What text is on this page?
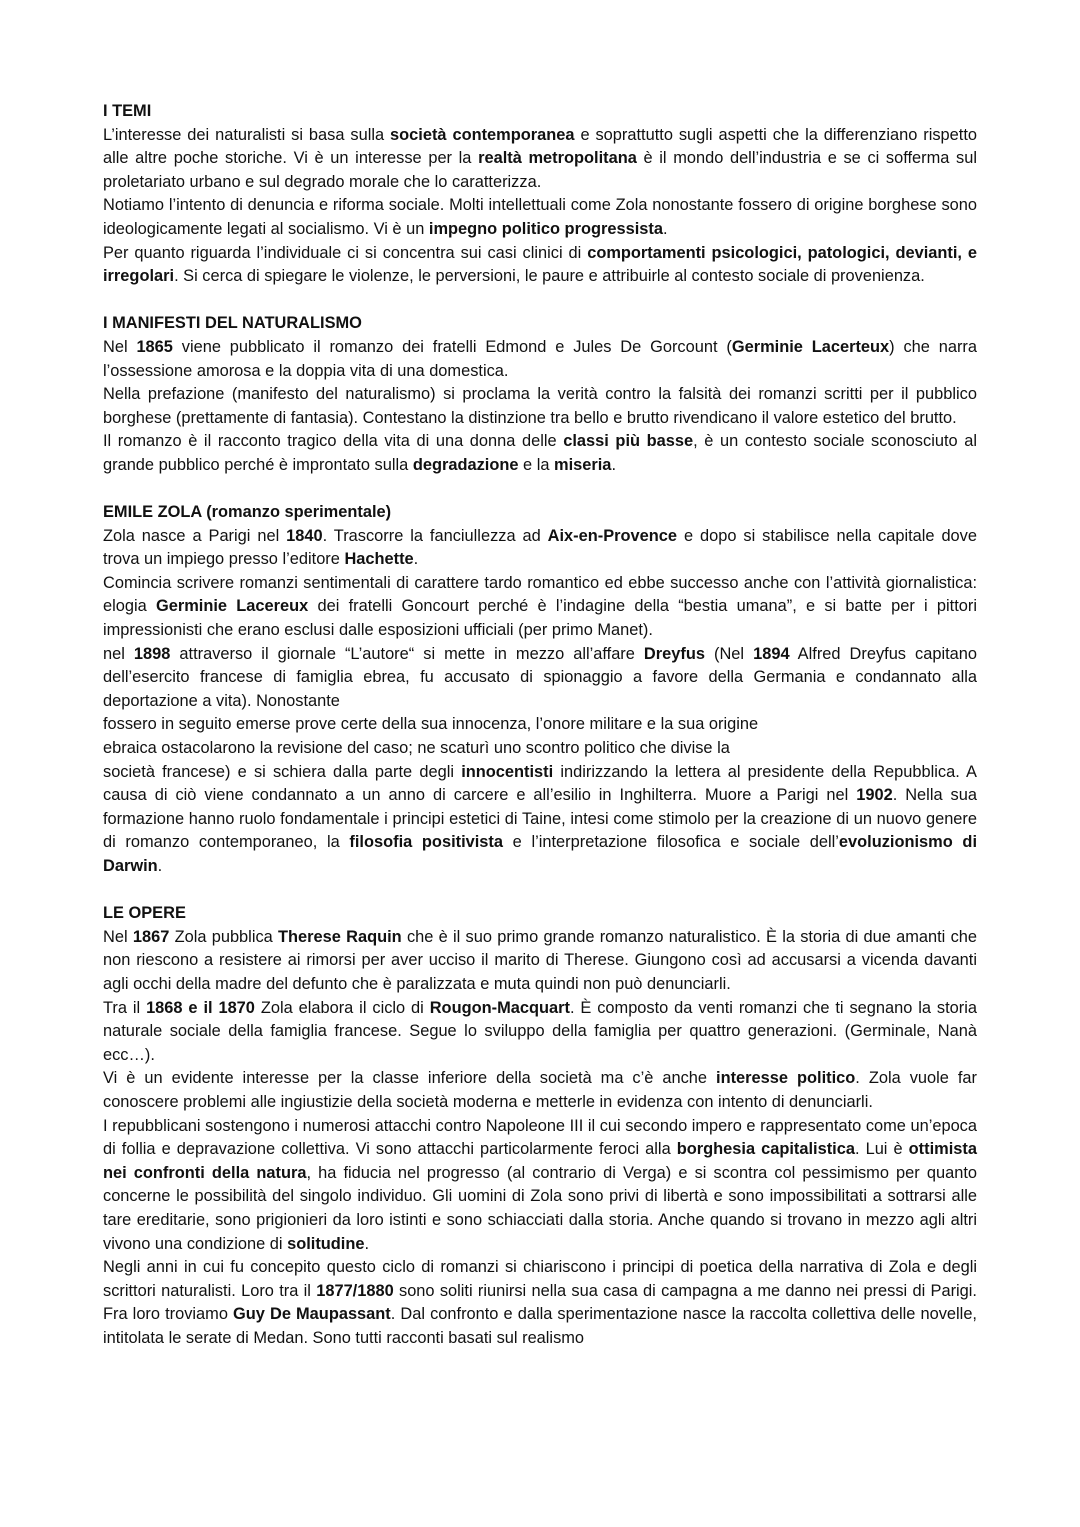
I TEMI

L’interesse dei naturalisti si basa sulla società contemporanea e soprattutto sugli aspetti che la differenziano rispetto alle altre poche storiche. Vi è un interesse per la realtà metropolitana è il mondo dell’industria e se ci sofferma sul proletariato urbano e sul degrado morale che lo caratterizza.

Notiamo l’intento di denuncia e riforma sociale. Molti intellettuali come Zola nonostante fossero di origine borghese sono ideologicamente legati al socialismo. Vi è un impegno politico progressista.

Per quanto riguarda l’individuale ci si concentra sui casi clinici di comportamenti psicologici, patologici, devianti, e irregolari. Si cerca di spiegare le violenze, le perversioni, le paure e attribuirle al contesto sociale di provenienza.

I MANIFESTI DEL NATURALISMO

Nel 1865 viene pubblicato il romanzo dei fratelli Edmond e Jules De Gorcount (Germinie Lacerteux) che narra l’ossessione amorosa e la doppia vita di una domestica.

Nella prefazione (manifesto del naturalismo) si proclama la verità contro la falsità dei romanzi scritti per il pubblico borghese (prettamente di fantasia). Contestano la distinzione tra bello e brutto rivendicano il valore estetico del brutto.

Il romanzo è il racconto tragico della vita di una donna delle classi più basse, è un contesto sociale sconosciuto al grande pubblico perché è improntato sulla degradazione e la miseria.

EMILE ZOLA (romanzo sperimentale)

Zola nasce a Parigi nel 1840. Trascorre la fanciullezza ad Aix-en-Provence e dopo si stabilisce nella capitale dove trova un impiego presso l’editore Hachette.

Comincia scrivere romanzi sentimentali di carattere tardo romantico ed ebbe successo anche con l’attività giornalistica: elogia Germinie Lacereux dei fratelli Goncourt perché è l’indagine della “bestia umana”, e si batte per i pittori impressionisti che erano esclusi dalle esposizioni ufficiali (per primo Manet).

nel 1898 attraverso il giornale “L’autore“ si mette in mezzo all’affare Dreyfus (Nel 1894 Alfred Dreyfus capitano dell’esercito francese di famiglia ebrea, fu accusato di spionaggio a favore della Germania e condannato alla deportazione a vita). Nonostante

fossero in seguito emerse prove certe della sua innocenza, l’onore militare e la sua origine

ebraica ostacolarono la revisione del caso; ne scaturì uno scontro politico che divise la

società francese) e si schiera dalla parte degli innocentisti indirizzando la lettera al presidente della Repubblica. A causa di ciò viene condannato a un anno di carcere e all’esilio in Inghilterra. Muore a Parigi nel 1902. Nella sua formazione hanno ruolo fondamentale i principi estetici di Taine, intesi come stimolo per la creazione di un nuovo genere di romanzo contemporaneo, la filosofia positivista e l’interpretazione filosofica e sociale dell’evoluzionismo di Darwin.

LE OPERE

Nel 1867 Zola pubblica Therese Raquin che è il suo primo grande romanzo naturalistico. È la storia di due amanti che non riescono a resistere ai rimorsi per aver ucciso il marito di Therese. Giungono così ad accusarsi a vicenda davanti agli occhi della madre del defunto che è paralizzata e muta quindi non può denunciarli.

Tra il 1868 e il 1870 Zola elabora il ciclo di Rougon-Macquart. È composto da venti romanzi che ti segnano la storia naturale sociale della famiglia francese. Segue lo sviluppo della famiglia per quattro generazioni. (Germinale, Nanà ecc…).

Vi è un evidente interesse per la classe inferiore della società ma c’è anche interesse politico. Zola vuole far conoscere problemi alle ingiustizie della società moderna e metterle in evidenza con intento di denunciarli.

I repubblicani sostengono i numerosi attacchi contro Napoleone III il cui secondo impero e rappresentato come un’epoca di follia e depravazione collettiva. Vi sono attacchi particolarmente feroci alla borghesia capitalistica. Lui è ottimista nei confronti della natura, ha fiducia nel progresso (al contrario di Verga) e si scontra col pessimismo per quanto concerne le possibilità del singolo individuo. Gli uomini di Zola sono privi di libertà e sono impossibilitati a sottrarsi alle tare ereditarie, sono prigionieri da loro istinti e sono schiacciati dalla storia. Anche quando si trovano in mezzo agli altri vivono una condizione di solitudine.

Negli anni in cui fu concepito questo ciclo di romanzi si chiariscono i principi di poetica della narrativa di Zola e degli scrittori naturalisti. Loro tra il 1877/1880 sono soliti riunirsi nella sua casa di campagna a me danno nei pressi di Parigi. Fra loro troviamo Guy De Maupassant. Dal confronto e dalla sperimentazione nasce la raccolta collettiva delle novelle, intitolata le serate di Medan. Sono tutti racconti basati sul realismo
